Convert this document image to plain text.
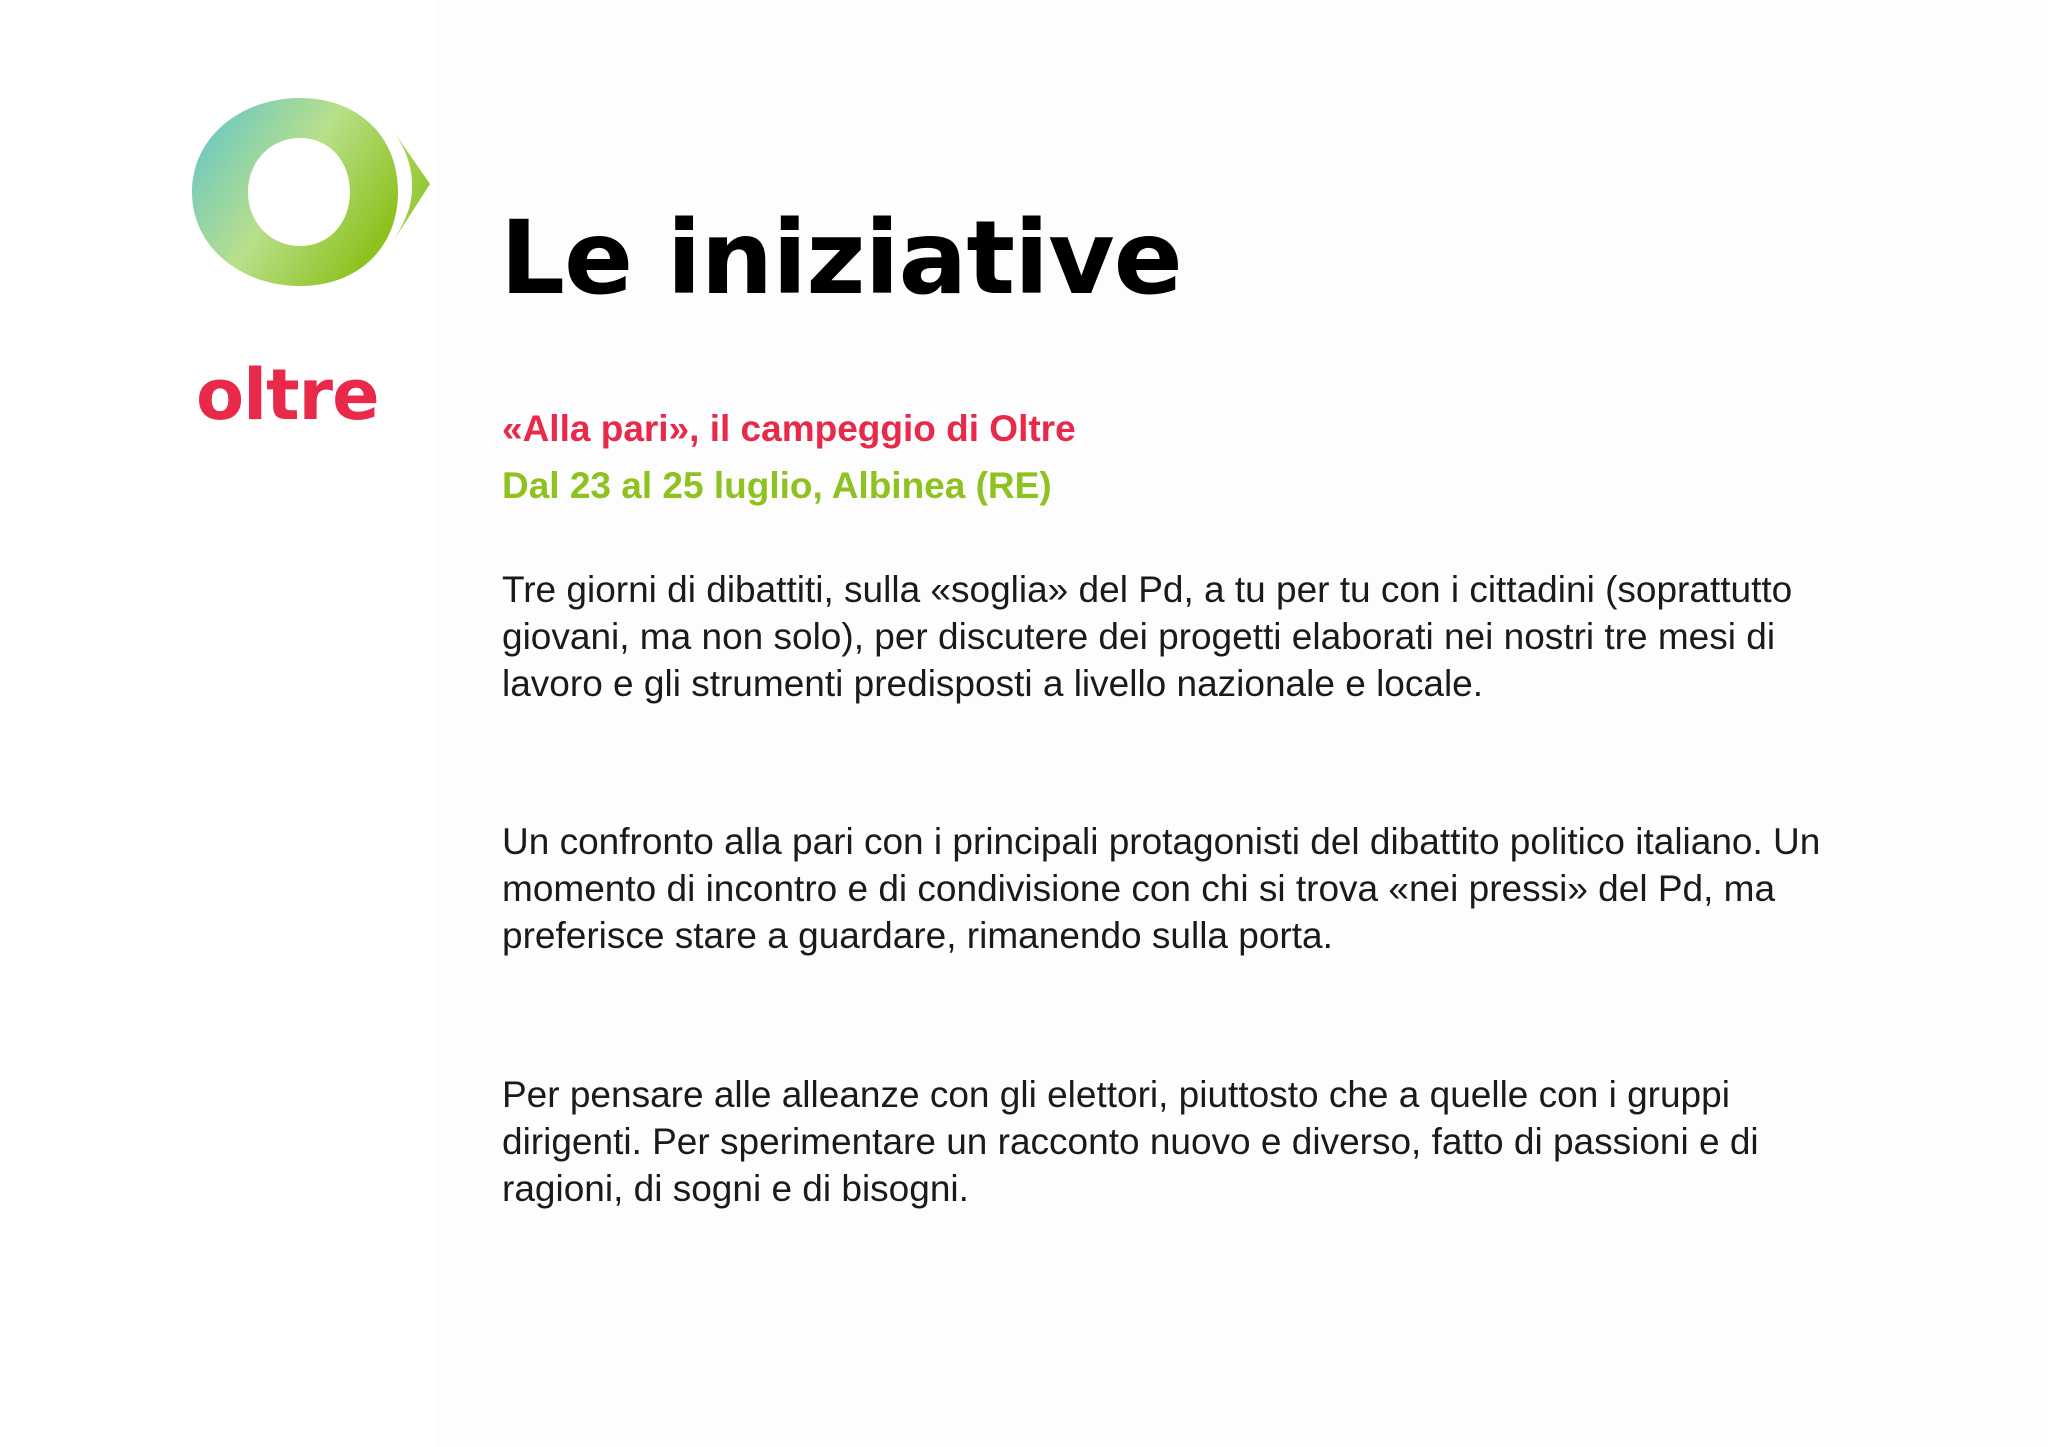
oltre
Le iniziative
«Alla pari», il campeggio di Oltre
Dal 23 al 25 luglio, Albinea (RE)

Tre giorni di dibattiti, sulla «soglia» del Pd, a tu per tu con i cittadini (soprattutto giovani, ma non solo), per discutere dei progetti elaborati nei nostri tre mesi di lavoro e gli strumenti predisposti a livello nazionale e locale.

Un confronto alla pari con i principali protagonisti del dibattito politico italiano. Un momento di incontro e di condivisione con chi si trova «nei pressi» del Pd, ma preferisce stare a guardare, rimanendo sulla porta.

Per pensare alle alleanze con gli elettori, piuttosto che a quelle con i gruppi dirigenti. Per sperimentare un racconto nuovo e diverso, fatto di passioni e di ragioni, di sogni e di bisogni.
